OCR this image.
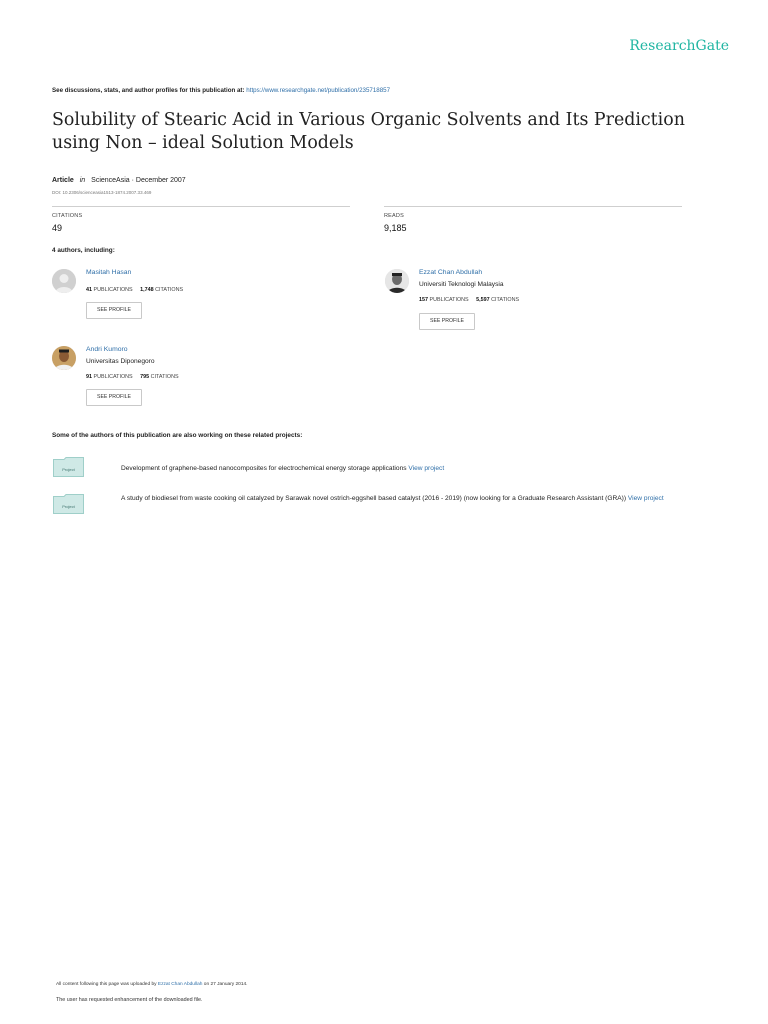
ResearchGate
See discussions, stats, and author profiles for this publication at: https://www.researchgate.net/publication/235718857
Solubility of Stearic Acid in Various Organic Solvents and Its Prediction using Non – ideal Solution Models
Article in ScienceAsia · December 2007
DOI: 10.2306/scienceasia1513-1874.2007.33.469
CITATIONS
49
READS
9,185
4 authors, including:
Masitah Hasan
41 PUBLICATIONS 1,748 CITATIONS
SEE PROFILE
Ezzat Chan Abdullah
Universiti Teknologi Malaysia
157 PUBLICATIONS 5,597 CITATIONS
SEE PROFILE
Andri Kumoro
Universitas Diponegoro
91 PUBLICATIONS 795 CITATIONS
SEE PROFILE
Some of the authors of this publication are also working on these related projects:
Project	Development of graphene-based nanocomposites for electrochemical energy storage applications View project
Project
A study of biodiesel from waste cooking oil catalyzed by Sarawak novel ostrich-eggshell based catalyst (2016 - 2019) (now looking for a Graduate Research Assistant (GRA)) View project
All content following this page was uploaded by Ezzat Chan Abdullah on 27 January 2014.
The user has requested enhancement of the downloaded file.
